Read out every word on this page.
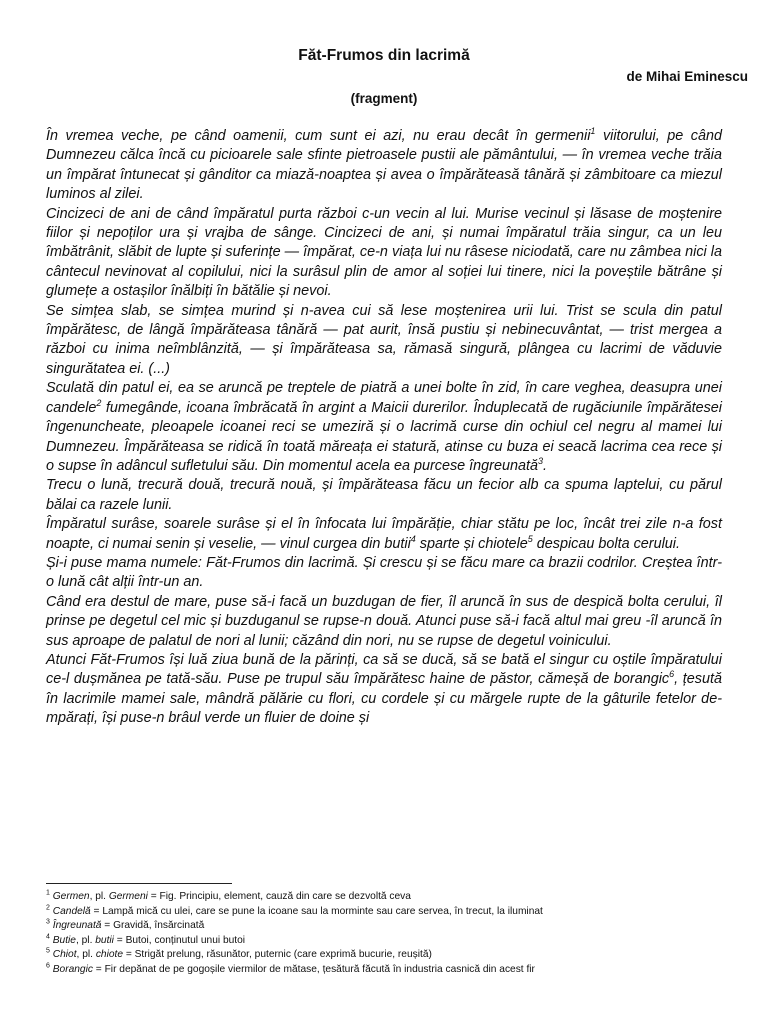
Făt-Frumos din lacrimă
de Mihai Eminescu
(fragment)

În vremea veche, pe când oamenii, cum sunt ei azi, nu erau decât în germenii$^1$ viitorului, pe când Dumnezeu călca încă cu picioarele sale sfinte pietroasele pustii ale pământului, — în vremea veche trăia un împărat întunecat și gânditor ca miază-noaptea și avea o împărăteasă tânără și zâmbitoare ca miezul luminos al zilei.

Cincizeci de ani de când împăratul purta război c-un vecin al lui. Murise vecinul și lăsase de moștenire fiilor și nepoților ura și vrajba de sânge. Cincizeci de ani, și numai împăratul trăia singur, ca un leu îmbătrânit, slăbit de lupte și suferințe — împărat, ce-n viața lui nu râsese niciodată, care nu zâmbea nici la cântecul nevinovat al copilului, nici la surâsul plin de amor al soției lui tinere, nici la poveștile bătrâne și glumețe a ostașilor înălbiți în bătălie și nevoi.

Se simțea slab, se simțea murind și n-avea cui să lese moștenirea urii lui. Trist se scula din patul împărătesc, de lângă împărăteasa tânără — pat aurit, însă pustiu și nebinecuvântat, — trist mergea a război cu inima neîmblânzită, — și împărăteasa sa, rămasă singură, plângea cu lacrimi de văduvie singurătatea ei. (...)

Sculată din patul ei, ea se aruncă pe treptele de piatră a unei bolte în zid, în care veghea, deasupra unei candele$^2$ fumegânde, icoana îmbrăcată în argint a Maicii durerilor. Înduplecată de rugăciunile împărătesei îngenuncheate, pleoapele icoanei reci se umeziră și o lacrimă curse din ochiul cel negru al mamei lui Dumnezeu. Împărăteasa se ridică în toată măreața ei statură, atinse cu buza ei seacă lacrima cea rece și o supse în adâncul sufletului său. Din momentul acela ea purcese îngreunată$^3$.

Trecu o lună, trecură două, trecură nouă, și împărăteasa făcu un fecior alb ca spuma laptelui, cu părul bălai ca razele lunii.

Împăratul surâse, soarele surâse și el în înfocata lui împărăție, chiar stătu pe loc, încât trei zile n-a fost noapte, ci numai senin și veselie, — vinul curgea din butii$^4$ sparte și chiotele$^5$ despicau bolta cerului.

Și-i puse mama numele: Făt-Frumos din lacrimă. Și crescu și se făcu mare ca brazii codrilor. Creștea într-o lună cât alții într-un an.

Când era destul de mare, puse să-i facă un buzdugan de fier, îl aruncă în sus de despică bolta cerului, îl prinse pe degetul cel mic și buzduganul se rupse-n două. Atunci puse să-i facă altul mai greu -îl aruncă în sus aproape de palatul de nori al lunii; căzând din nori, nu se rupse de degetul voinicului.

Atunci Făt-Frumos își luă ziua bună de la părinți, ca să se ducă, să se bată el singur cu oștile împăratului ce-l dușmănea pe tată-său. Puse pe trupul său împărătesc haine de păstor, cămeșă de borangic$^6$, țesută în lacrimile mamei sale, mândră pălărie cu flori, cu cordele și cu mărgele rupte de la gâturile fetelor de-mpărați, își puse-n brâul verde un fluier de doine și

$^1$ Germen, pl. Germeni = Fig. Principiu, element, cauză din care se dezvoltă ceva
$^2$ Candelă = Lampă mică cu ulei, care se pune la icoane sau la morminte sau care servea, în trecut, la iluminat
$^3$ Îngreunată = Gravidă, însărcinată
$^4$ Butie, pl. butii = Butoi, conținutul unui butoi
$^5$ Chiot, pl. chiote = Strigăt prelung, răsunător, puternic (care exprimă bucurie, reușită)
$^6$ Borangic = Fir depănat de pe gogoșile viermilor de mătase, țesătură făcută în industria casnică din acest fir
